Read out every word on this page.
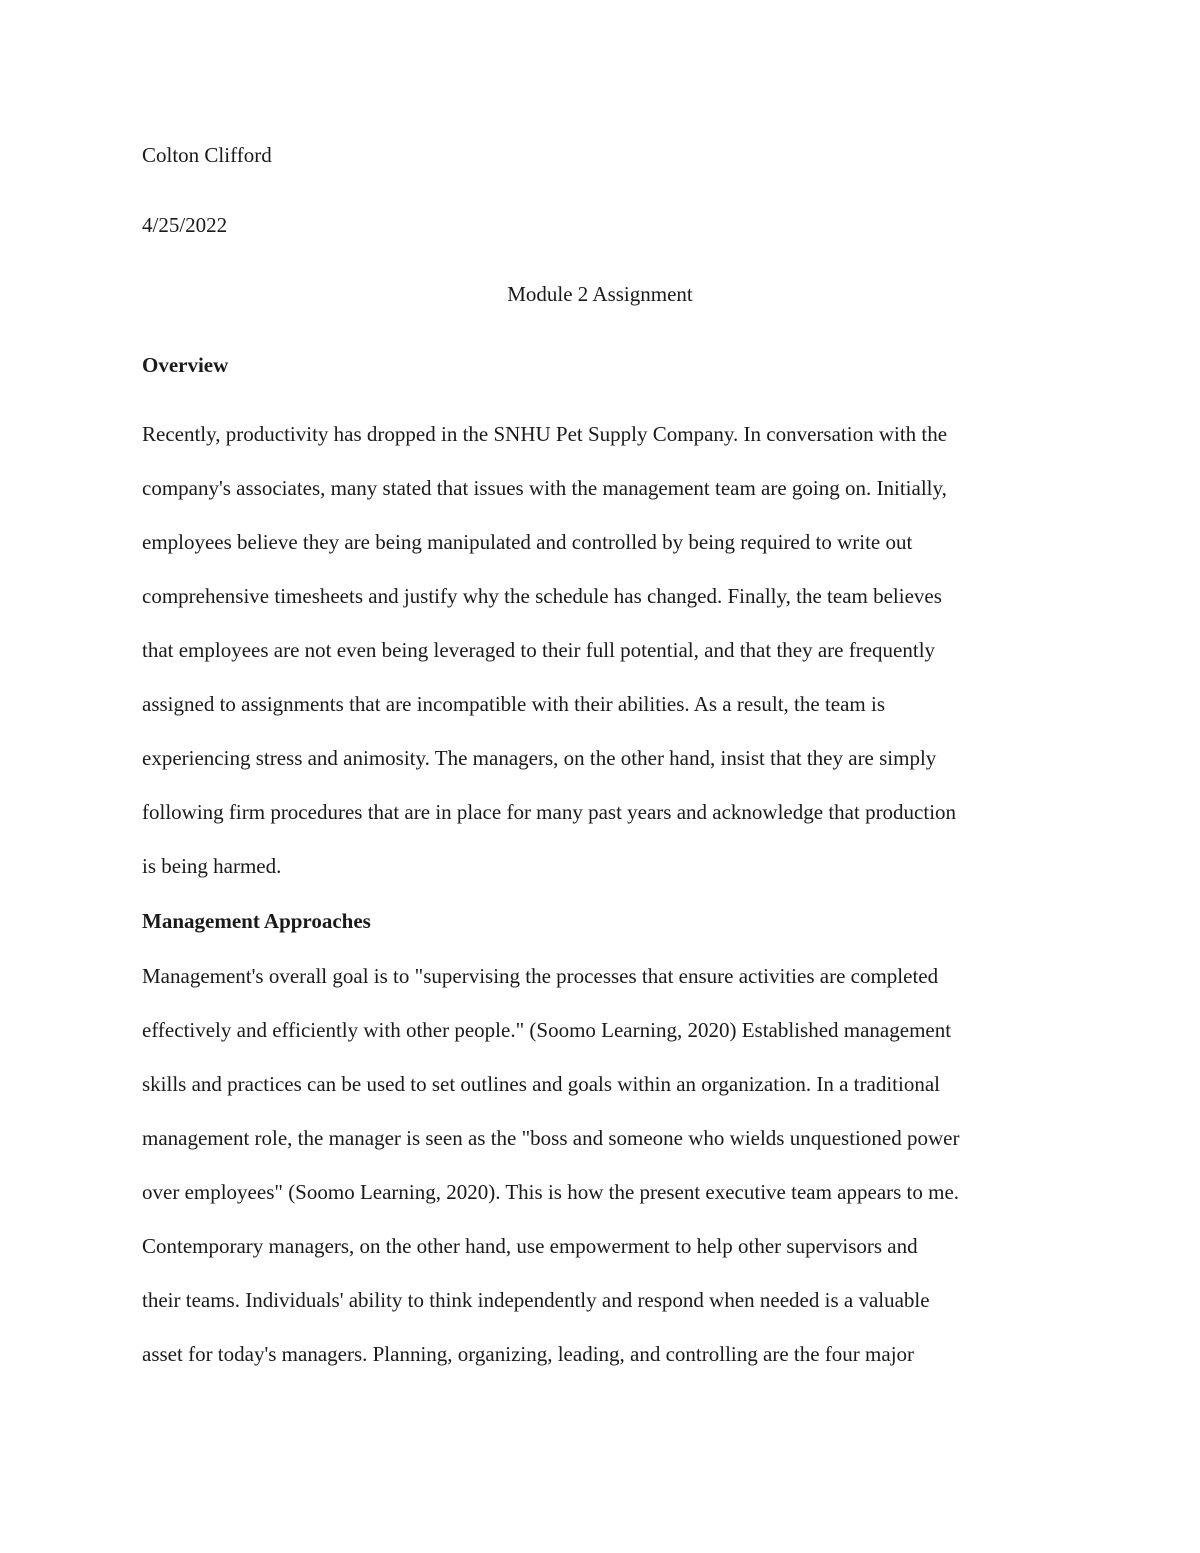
Colton Clifford
4/25/2022
Module 2 Assignment
Overview
Recently, productivity has dropped in the SNHU Pet Supply Company. In conversation with the
company's associates, many stated that issues with the management team are going on. Initially,
employees believe they are being manipulated and controlled by being required to write out
comprehensive timesheets and justify why the schedule has changed. Finally, the team believes
that employees are not even being leveraged to their full potential, and that they are frequently
assigned to assignments that are incompatible with their abilities. As a result, the team is
experiencing stress and animosity. The managers, on the other hand, insist that they are simply
following firm procedures that are in place for many past years and acknowledge that production
is being harmed.
Management Approaches
Management's overall goal is to "supervising the processes that ensure activities are completed
effectively and efficiently with other people." (Soomo Learning, 2020) Established management
skills and practices can be used to set outlines and goals within an organization. In a traditional
management role, the manager is seen as the "boss and someone who wields unquestioned power
over employees" (Soomo Learning, 2020). This is how the present executive team appears to me.
Contemporary managers, on the other hand, use empowerment to help other supervisors and
their teams. Individuals' ability to think independently and respond when needed is a valuable
asset for today's managers. Planning, organizing, leading, and controlling are the four major
